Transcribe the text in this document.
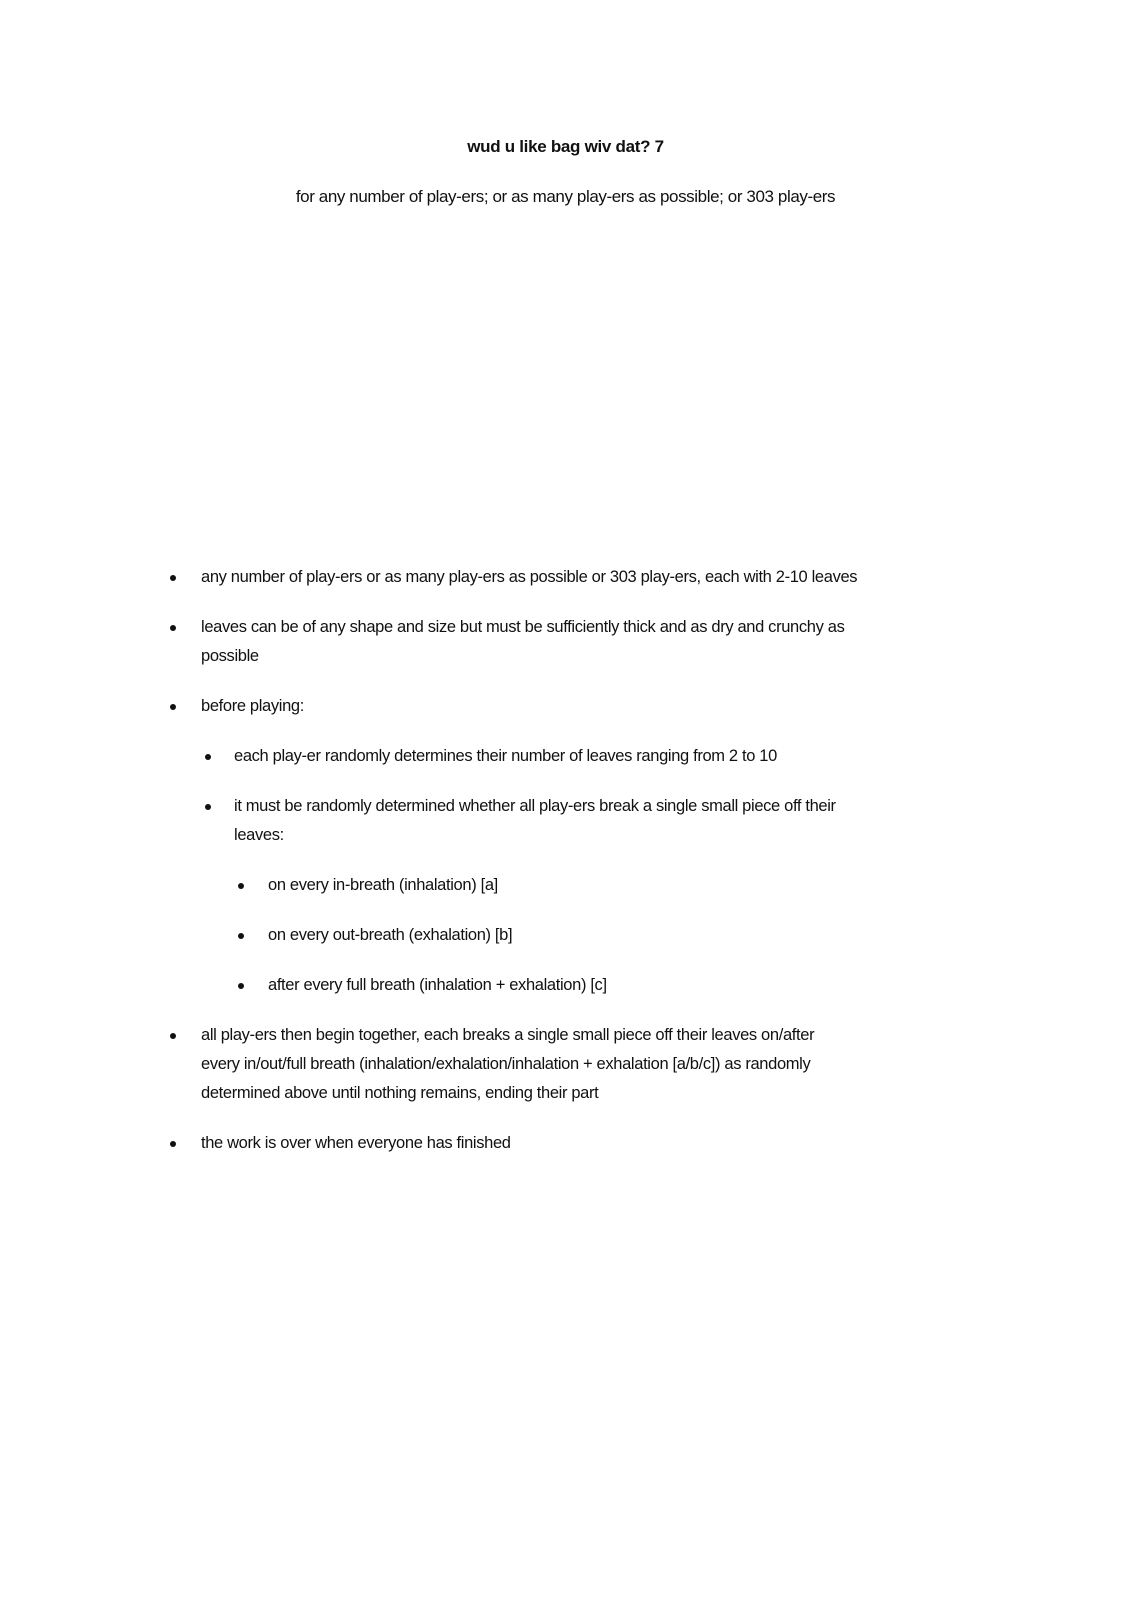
wud u like bag wiv dat? 7
for any number of play-ers; or as many play-ers as possible; or 303 play-ers
any number of play-ers or as many play-ers as possible or 303 play-ers, each with 2-10 leaves
leaves can be of any shape and size but must be sufficiently thick and as dry and crunchy as
possible
before playing:
each play-er randomly determines their number of leaves ranging from 2 to 10
it must be randomly determined whether all play-ers break a single small piece off their
leaves:
on every in-breath (inhalation) [a]
on every out-breath (exhalation) [b]
after every full breath (inhalation + exhalation) [c]
all play-ers then begin together, each breaks a single small piece off their leaves on/after
every in/out/full breath (inhalation/exhalation/inhalation + exhalation [a/b/c]) as randomly
determined above until nothing remains, ending their part
the work is over when everyone has finished
